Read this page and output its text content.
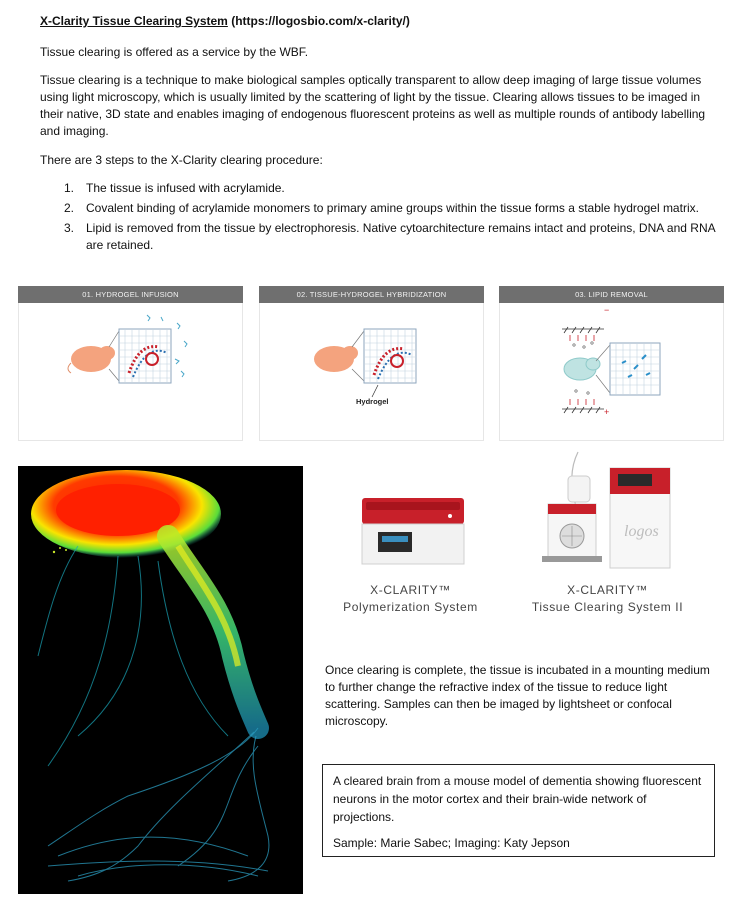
X-Clarity Tissue Clearing System (https://logosbio.com/x-clarity/)

Tissue clearing is offered as a service by the WBF.

Tissue clearing is a technique to make biological samples optically transparent to allow deep imaging of large tissue volumes using light microscopy, which is usually limited by the scattering of light by the tissue. Clearing allows tissues to be imaged in their native, 3D state and enables imaging of endogenous fluorescent proteins as well as multiple rounds of antibody labelling and imaging.

There are 3 steps to the X-Clarity clearing procedure:

1. The tissue is infused with acrylamide.
2. Covalent binding of acrylamide monomers to primary amine groups within the tissue forms a stable hydrogel matrix.
3. Lipid is removed from the tissue by electrophoresis. Native cytoarchitecture remains intact and proteins, DNA and RNA are retained.
01. HYDROGEL INFUSION	02. TISSUE-HYDROGEL HYBRIDIZATION
Hydrogel
03. LIPID REMOVAL
−
+
logos
X-CLARITY™
Polymerization System
X-CLARITY™
Tissue Clearing System II

Once clearing is complete, the tissue is incubated in a mounting medium to further change the refractive index of the tissue to reduce light scattering. Samples can then be imaged by lightsheet or confocal microscopy.

A cleared brain from a mouse model of dementia showing fluorescent neurons in the motor cortex and their brain-wide network of projections.

Sample: Marie Sabec; Imaging: Katy Jepson
